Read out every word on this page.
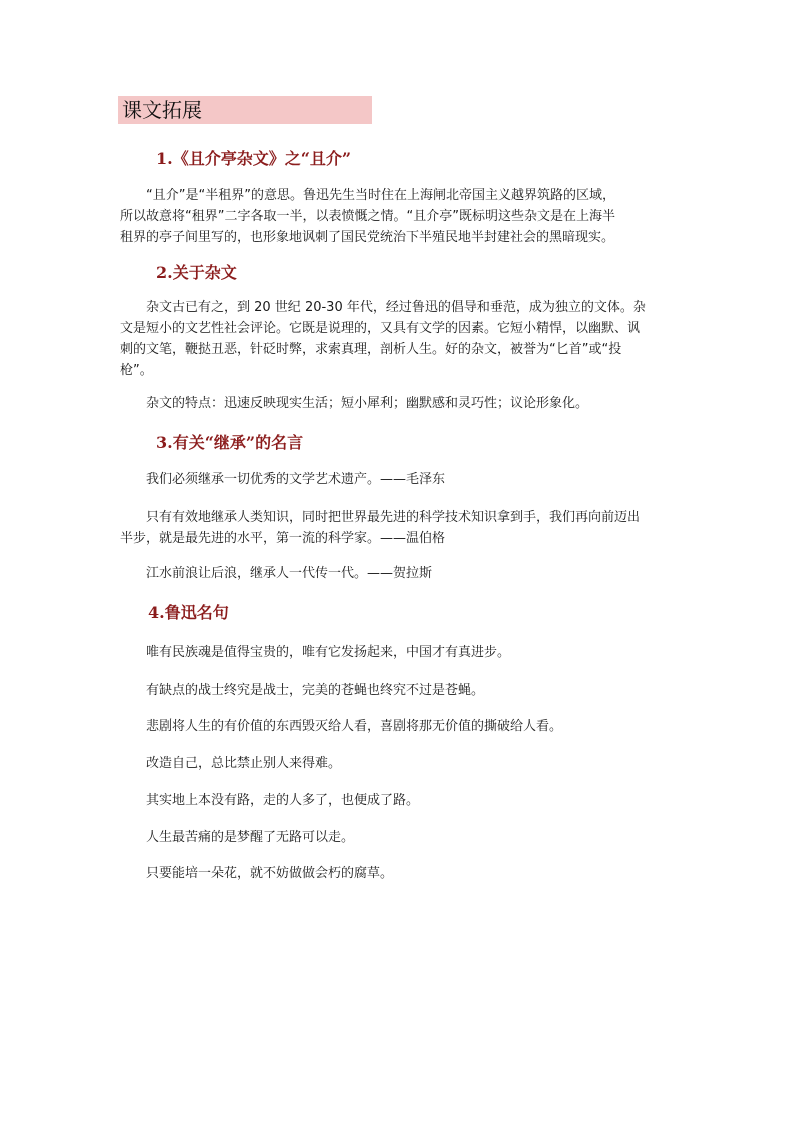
课文拓展
1.《且介亭杂文》之“且介”
“且介”是“半租界”的意思。鲁迅先生当时住在上海闸北帝国主义越界筑路的区域，
所以故意将“租界”二字各取一半，以表愤慨之情。“且介亭”既标明这些杂文是在上海半
租界的亭子间里写的，也形象地讽刺了国民党统治下半殖民地半封建社会的黑暗现实。
2.关于杂文
杂文古已有之，到 20 世纪 20-30 年代，经过鲁迅的倡导和垂范，成为独立的文体。杂
文是短小的文艺性社会评论。它既是说理的，又具有文学的因素。它短小精悍，以幽默、讽
刺的文笔，鞭挞丑恶，针砭时弊，求索真理，剖析人生。好的杂文，被誉为“匕首”或“投
枪”。
杂文的特点：迅速反映现实生活；短小犀利；幽默感和灵巧性；议论形象化。
3.有关“继承”的名言
我们必须继承一切优秀的文学艺术遗产。——毛泽东
只有有效地继承人类知识，同时把世界最先进的科学技术知识拿到手，我们再向前迈出
半步，就是最先进的水平，第一流的科学家。——温伯格
江水前浪让后浪，继承人一代传一代。——贺拉斯
4.鲁迅名句
唯有民族魂是值得宝贵的，唯有它发扬起来，中国才有真进步。
有缺点的战士终究是战士，完美的苍蝇也终究不过是苍蝇。
悲剧将人生的有价值的东西毁灭给人看，喜剧将那无价值的撕破给人看。
改造自己，总比禁止别人来得难。
其实地上本没有路，走的人多了，也便成了路。
人生最苦痛的是梦醒了无路可以走。
只要能培一朵花，就不妨做做会朽的腐草。
